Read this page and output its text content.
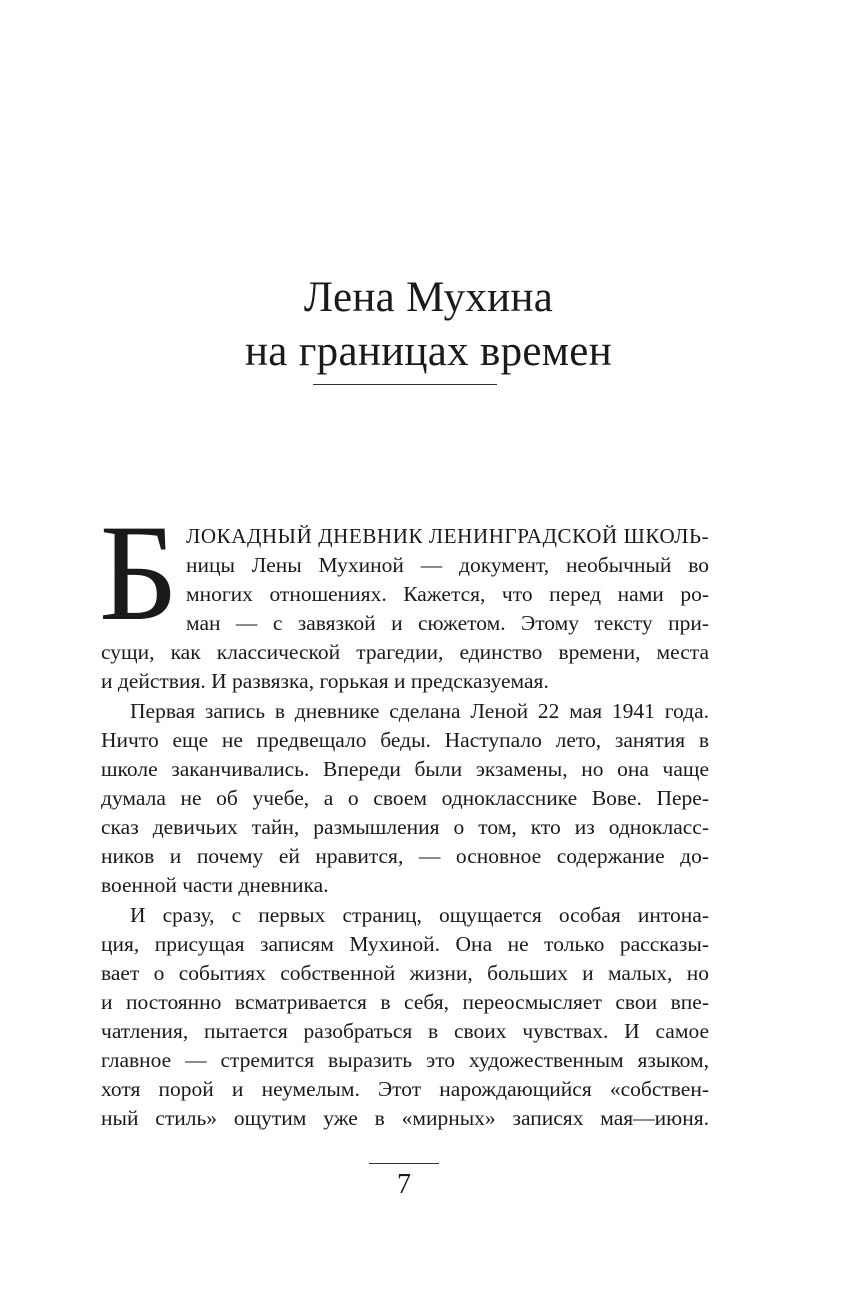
Лена Мухина
на границах времен
Б ЛОКАДНЫЙ ДНЕВНИК ЛЕНИНГРАДСКОЙ ШКОЛЬ-
ницы Лены Мухиной — документ, необычный во
многих отношениях. Кажется, что перед нами ро-
ман — с завязкой и сюжетом. Этому тексту при-
сущи, как классической трагедии, единство времени, места
и действия. И развязка, горькая и предсказуемая.
Первая запись в дневнике сделана Леной 22 мая 1941 года.
Ничто еще не предвещало беды. Наступало лето, занятия в
школе заканчивались. Впереди были экзамены, но она чаще
думала не об учебе, а о своем однокласснике Вове. Пере-
сказ девичьих тайн, размышления о том, кто из однокласс-
ников и почему ей нравится, — основное содержание до-
военной части дневника.
И сразу, с первых страниц, ощущается особая интона-
ция, присущая записям Мухиной. Она не только рассказы-
вает о событиях собственной жизни, больших и малых, но
и постоянно всматривается в себя, переосмысляет свои впе-
чатления, пытается разобраться в своих чувствах. И самое
главное — стремится выразить это художественным языком,
хотя порой и неумелым. Этот нарождающийся «собствен-
ный стиль» ощутим уже в «мирных» записях мая—июня.
7
